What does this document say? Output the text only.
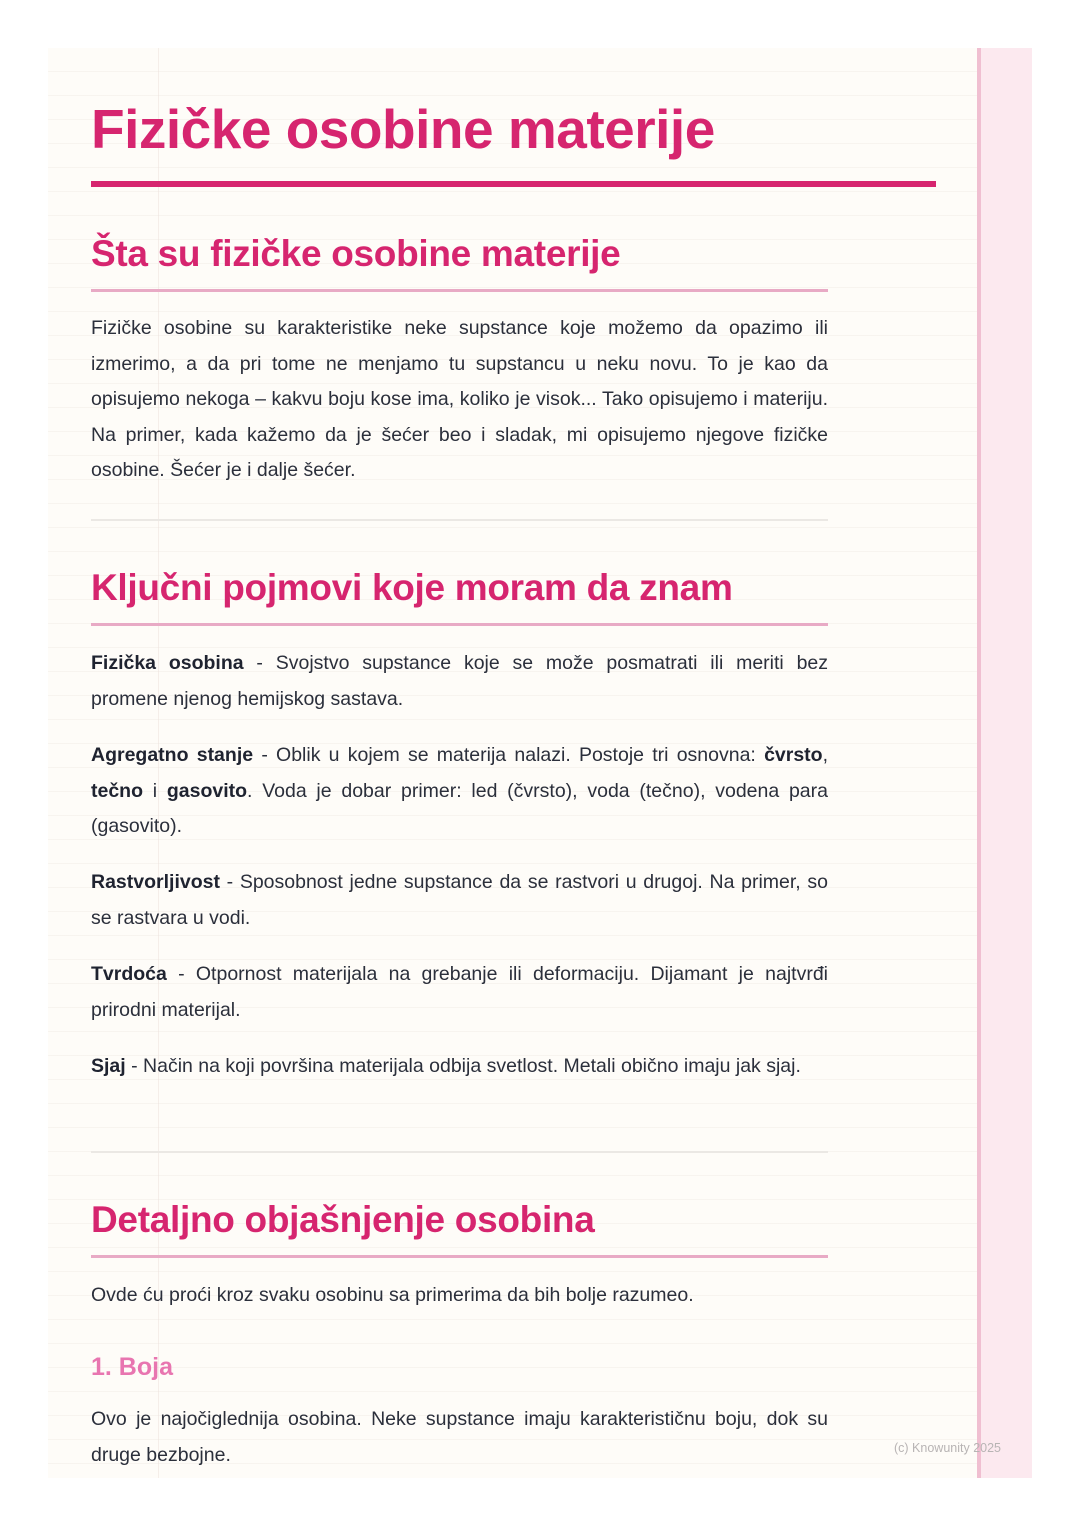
Fizičke osobine materije
Šta su fizičke osobine materije

Fizičke osobine su karakteristike neke supstance koje možemo da opazimo ili izmerimo, a da pri tome ne menjamo tu supstancu u neku novu. To je kao da opisujemo nekoga – kakvu boju kose ima, koliko je visok... Tako opisujemo i materiju. Na primer, kada kažemo da je šećer beo i sladak, mi opisujemo njegove fizičke osobine. Šećer je i dalje šećer.

Ključni pojmovi koje moram da znam

Fizička osobina - Svojstvo supstance koje se može posmatrati ili meriti bez promene njenog hemijskog sastava.

Agregatno stanje - Oblik u kojem se materija nalazi. Postoje tri osnovna: čvrsto, tečno i gasovito. Voda je dobar primer: led (čvrsto), voda (tečno), vodena para (gasovito).

Rastvorljivost - Sposobnost jedne supstance da se rastvori u drugoj. Na primer, so se rastvara u vodi.

Tvrdoća - Otpornost materijala na grebanje ili deformaciju. Dijamant je najtvrđi prirodni materijal.

Sjaj - Način na koji površina materijala odbija svetlost. Metali obično imaju jak sjaj.

Detaljno objašnjenje osobina

Ovde ću proći kroz svaku osobinu sa primerima da bih bolje razumeo.

1. Boja

Ovo je najočiglednija osobina. Neke supstance imaju karakterističnu boju, dok su druge bezbojne.	(c) Knowunity 2025
